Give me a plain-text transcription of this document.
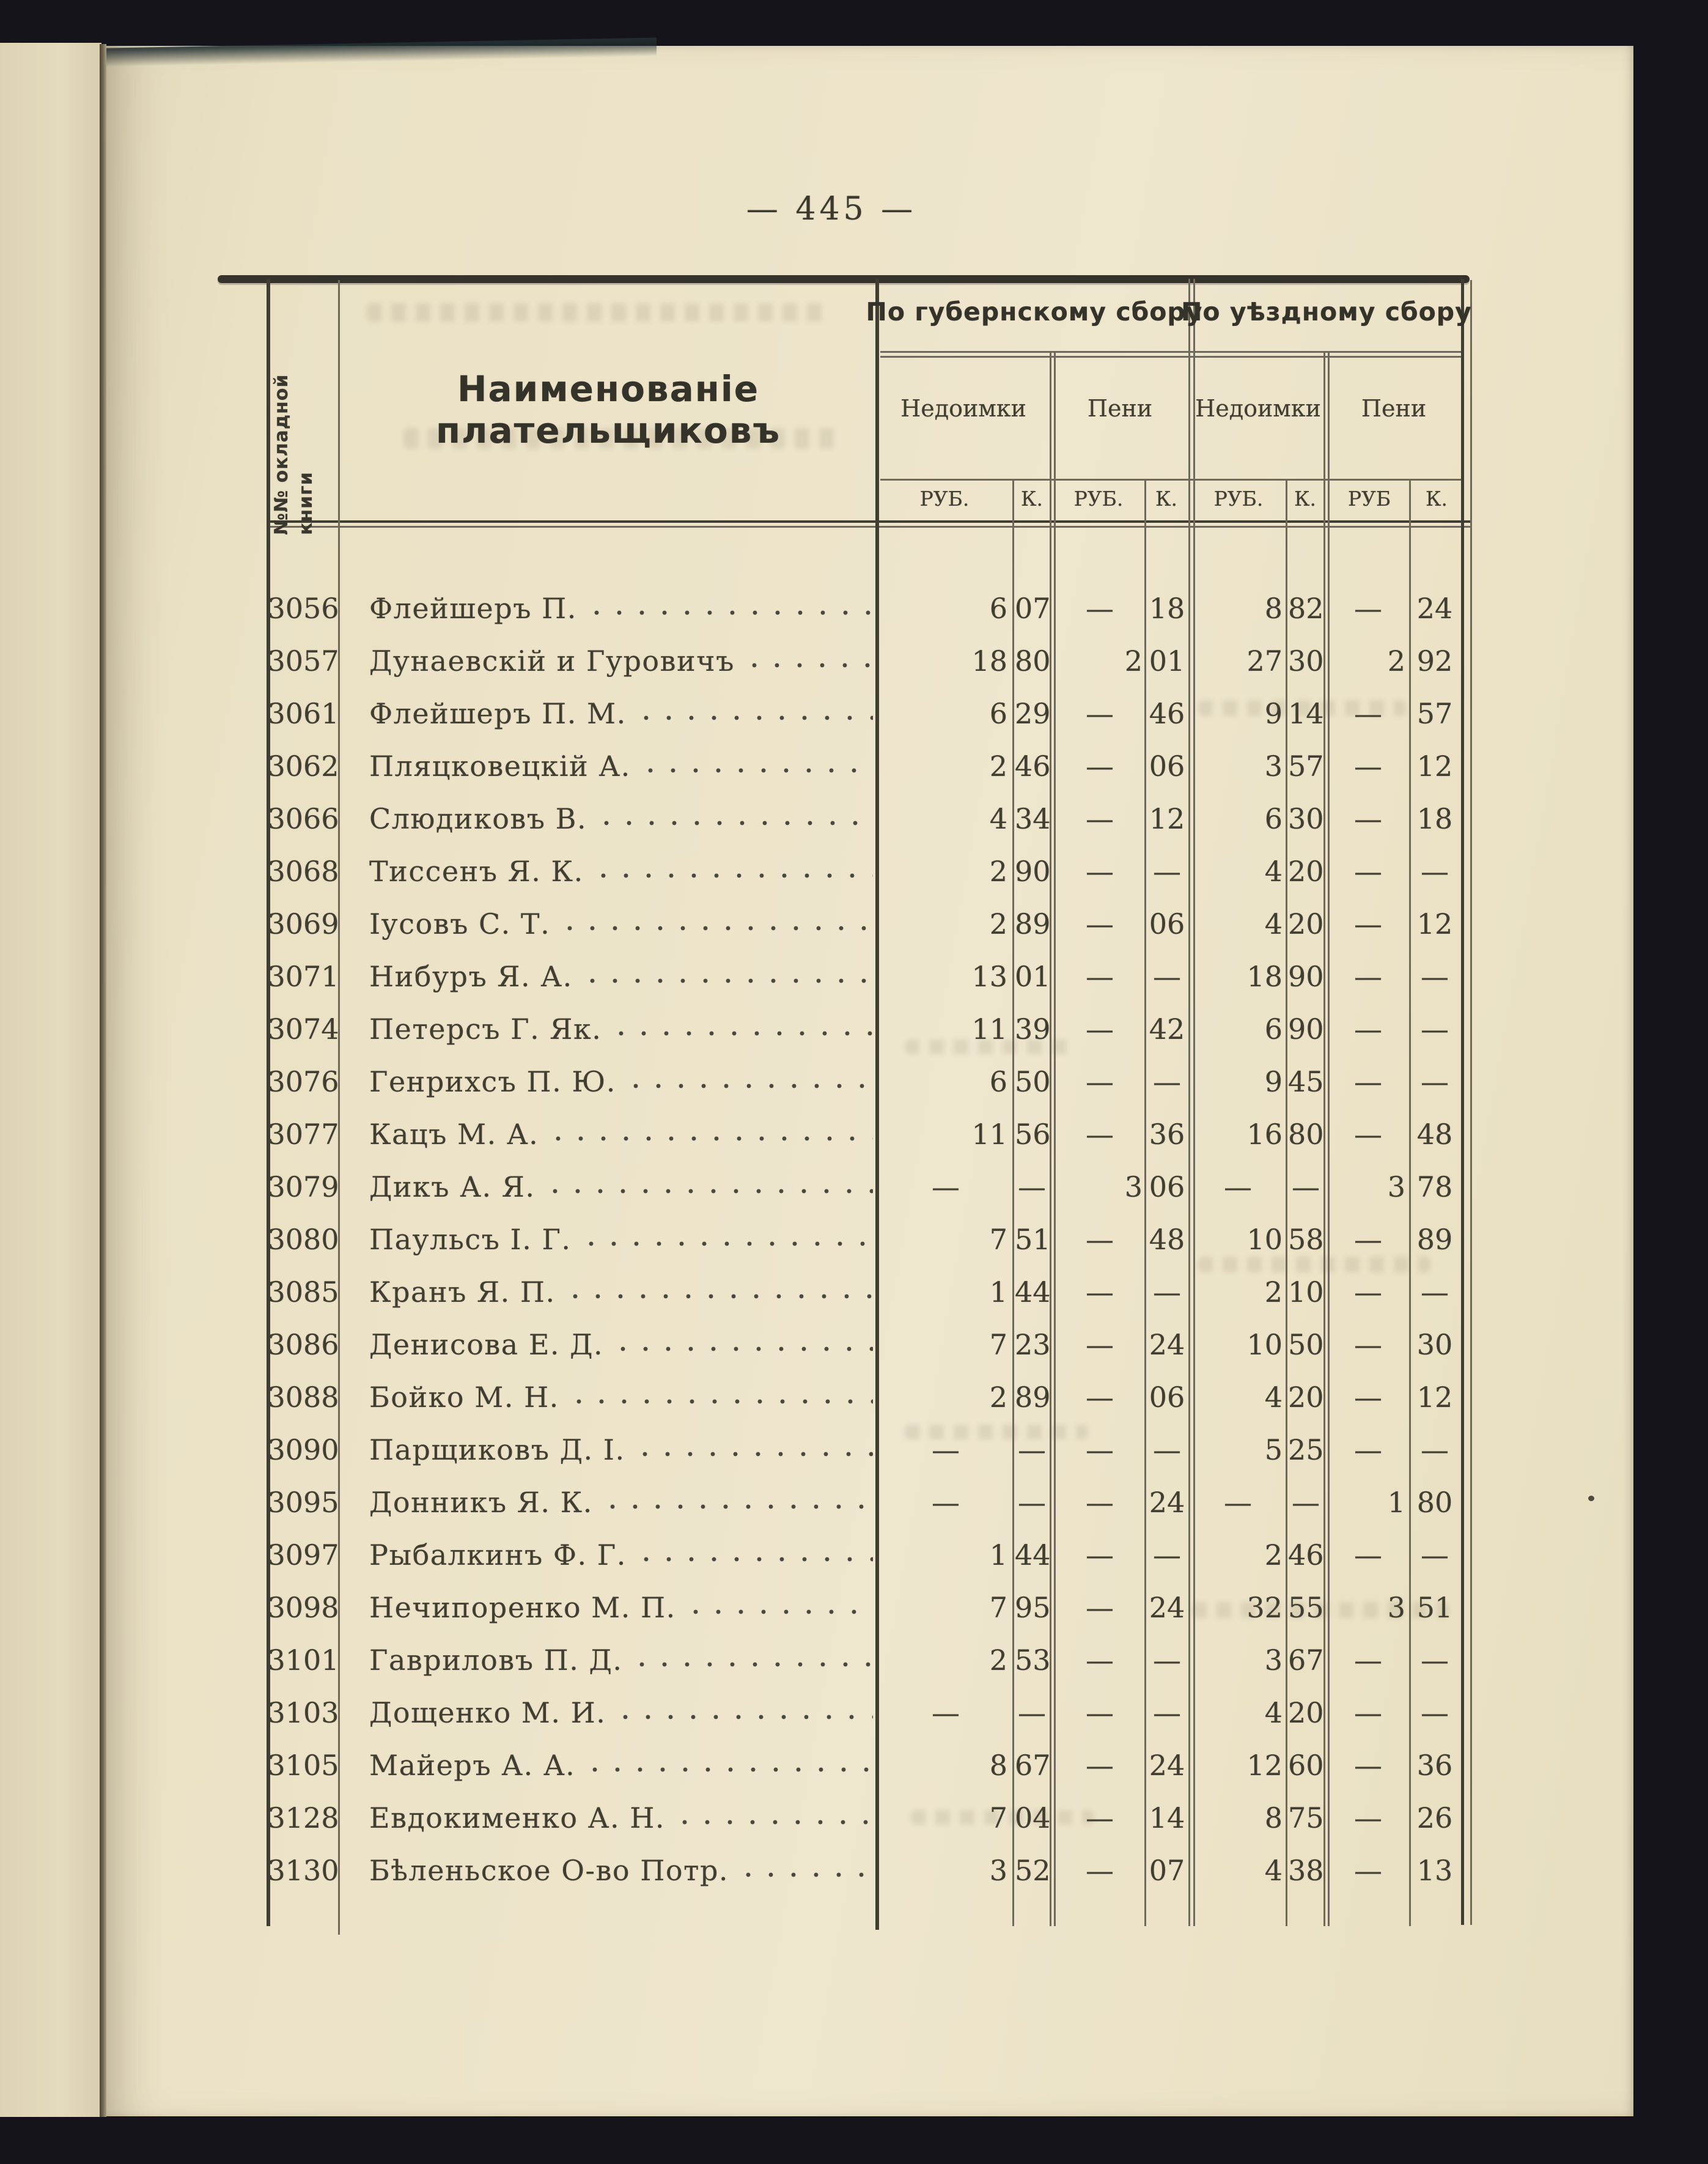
— 445 —
№№ окладной книги
Наименованіе плательщиковъ
По губернскому сбору
По уѣздному сбору
Недоимки	Пени Недоимки Пени
РУБ.	К. РУБ. К. РУБ. К. РУБ К.
3056 Флейшеръ П.	6 07	—	18	8 82	—	24
3057 Дунаевскій и Гуровичъ	18 80	2 01	27 30	2 92
3061 Флейшеръ П. М.	6 29	—	46	9 14	—	57
3062 Пляцковецкій А.	2 46	—	06	3 57	—	12
3066 Слюдиковъ В.	4 34	—	12	6 30	—	18
3068 Тиссенъ Я. К.	2 90	—	—	4 20	—	—
3069 Іусовъ С. Т.	2 89	—	06	4 20	—	12
3071 Нибуръ Я. А.	13 01	—	—	18 90	—	—
3074 Петерсъ Г. Як.	11 39	—	42	6 90	—	—
3076 Генрихсъ П. Ю.	6 50	—	—	9 45	—	—
3077 Кацъ М. А.	11 56	—	36	16 80	—	48
3079 Дикъ А. Я.	—	—	3 06	—	—	3 78
3080 Паульсъ І. Г.	7 51	—	48	10 58	—	89
3085 Кранъ Я. П.	1 44	—	—	2 10	—	—
3086 Денисова Е. Д.	7 23	—	24	10 50	—	30
3088 Бойко М. Н.	2 89	—	06	4 20	—	12
3090 Парщиковъ Д. І.	—	—	—	—	5 25	—	—
3095 Донникъ Я. К.	—	—	—	24	—	—	1 80
3097 Рыбалкинъ Ф. Г.	1 44	—	—	2 46	—	—
3098 Нечипоренко М. П.	7 95	—	24	32 55	3 51
3101 Гавриловъ П. Д.	2 53	—	—	3 67	—	—
3103 Дощенко М. И.	—	—	—	—	4 20	—	—
3105 Майеръ А. А.	8 67	—	24	12 60	—	36
3128 Евдокименко А. Н.	7 04	—	14	8 75	—	26
3130 Бѣленьское О-во Потр.	3 52	—	07	4 38	—	13
